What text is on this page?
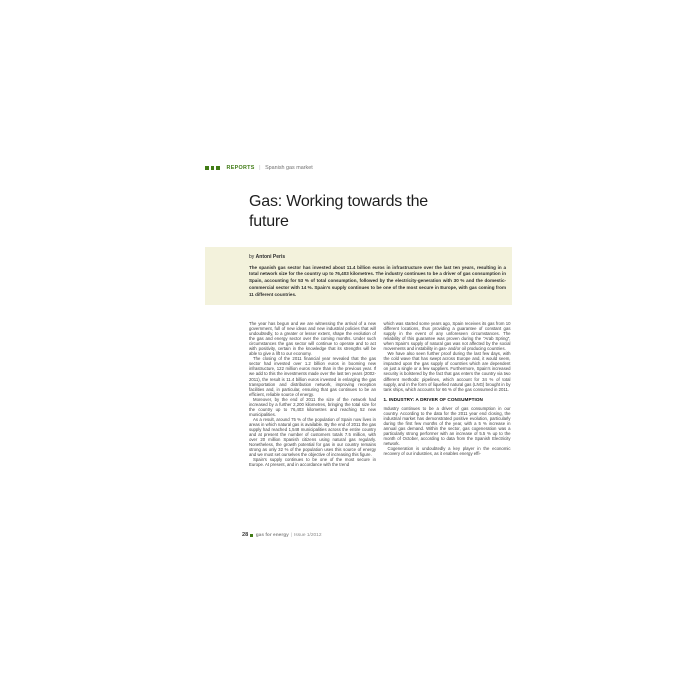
REPORTS | Spanish gas market
Gas: Working towards the future
by Antoni Peris
The spanish gas sector has invested about 11.4 billion euros in infrastructure over the last ten years, resulting in a total network size for the country up to 76,403 kilometres. The industry continues to be a driver of gas consumption in Spain, accounting for 53 % of total consumption, followed by the electricity-generation with 30 % and the domestic-commercial sector with 14 %. Spain's supply continues to be one of the most secure in Europe, with gas coming from 11 different countries.

The year has begun and we are witnessing the arrival of a new government, full of new ideas and new industrial policies that will undoubtedly, to a greater or lesser extent, shape the evolution of the gas and energy sector over the coming months. Under such circumstances the gas sector will continue to operate and to act with positivity, certain in the knowledge that its strengths will be able to give a lift to our economy.

The closing of the 2011 financial year revealed that the gas sector had invested over 1.2 billion euros in booming new infrastructure, 122 million euros more than in the previous year. If we add to this the investments made over the last ten years (2002-2011), the result is 11.4 billion euros invested in enlarging the gas transportation and distribution network, improving reception facilities and, in particular, ensuring that gas continues to be an efficient, reliable source of energy.

Moreover, by the end of 2011 the size of the network had increased by a further 2,200 kilometres, bringing the total size for the country up to 76,403 kilometres and reaching 52 new municipalities.

As a result, around 75 % of the population of Spain now lives in areas in which natural gas is available. By the end of 2011 the gas supply had reached 1,548 municipalities across the entire country and at present the number of customers totals 7.5 million, with over 20 million Spanish citizens using natural gas regularly. Nonetheless, the growth potential for gas in our country remains strong as only 32 % of the population uses this source of energy and we must set ourselves the objective of increasing this figure.

Spain's supply continues to be one of the most secure in Europe. At present, and in accordance with the trend

which was started some years ago, Spain receives its gas from 10 different locations, thus providing a guarantee of constant gas supply in the event of any unforeseen circumstances. The reliability of this guarantee was proven during the "Arab Spring", when Spain's supply of natural gas was not affected by the social movements and instability in gas- and/or oil producing countries.

We have also seen further proof during the last few days, with the cold wave that has swept across Europe and, it would seem, impacted upon the gas supply of countries which are dependent on just a single or a few suppliers. Furthermore, Spain's increased security is bolstered by the fact that gas enters the country via two different methods: pipelines, which account for 34 % of total supply, and in the form of liquefied natural gas (LNG) brought in by tank ships, which accounts for 66 % of the gas consumed in 2011.

1. INDUSTRY: A DRIVER OF CONSUMPTION

Industry continues to be a driver of gas consumption in our country. According to the data for the 2011 year end closing, the industrial market has demonstrated positive evolution, particularly during the first few months of the year, with a 5 % increase in annual gas demand. Within the sector, gas cogeneration was a particularly strong performer with an increase of 5.5 % up to the month of October, according to data from the Spanish Electricity network.

Cogeneration is undoubtedly a key player in the economic recovery of our industries, as it enables energy effi-

28 gas for energy | Issue 1/2012
